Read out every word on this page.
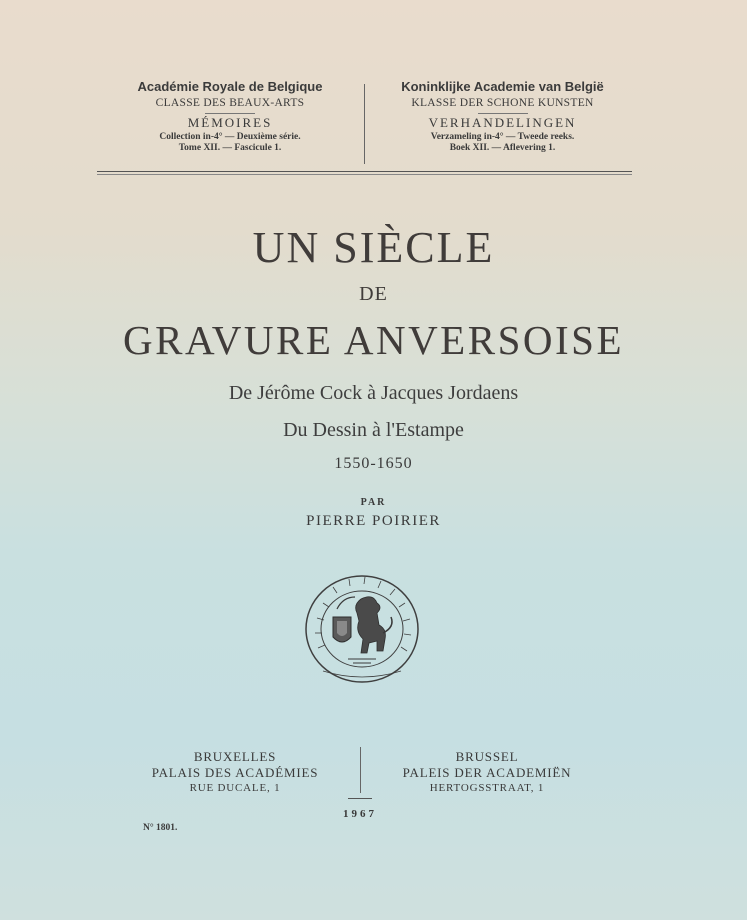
Académie Royale de Belgique
CLASSE DES BEAUX-ARTS
MÉMOIRES
Collection in-4° — Deuxième série.
Tome XII. — Fascicule 1.
Koninklijke Academie van België
KLASSE DER SCHONE KUNSTEN
VERHANDELINGEN
Verzameling in-4° — Tweede reeks.
Boek XII. — Aflevering 1.
UN SIÈCLE
DE
GRAVURE ANVERSOISE
De Jérôme Cock à Jacques Jordaens
Du Dessin à l'Estampe
1550-1650
PAR
PIERRE POIRIER
BRUXELLES
PALAIS DES ACADÉMIES
RUE DUCALE, 1
BRUSSEL
PALEIS DER ACADEMIËN
HERTOGSSTRAAT, 1
1967
N° 1801.
